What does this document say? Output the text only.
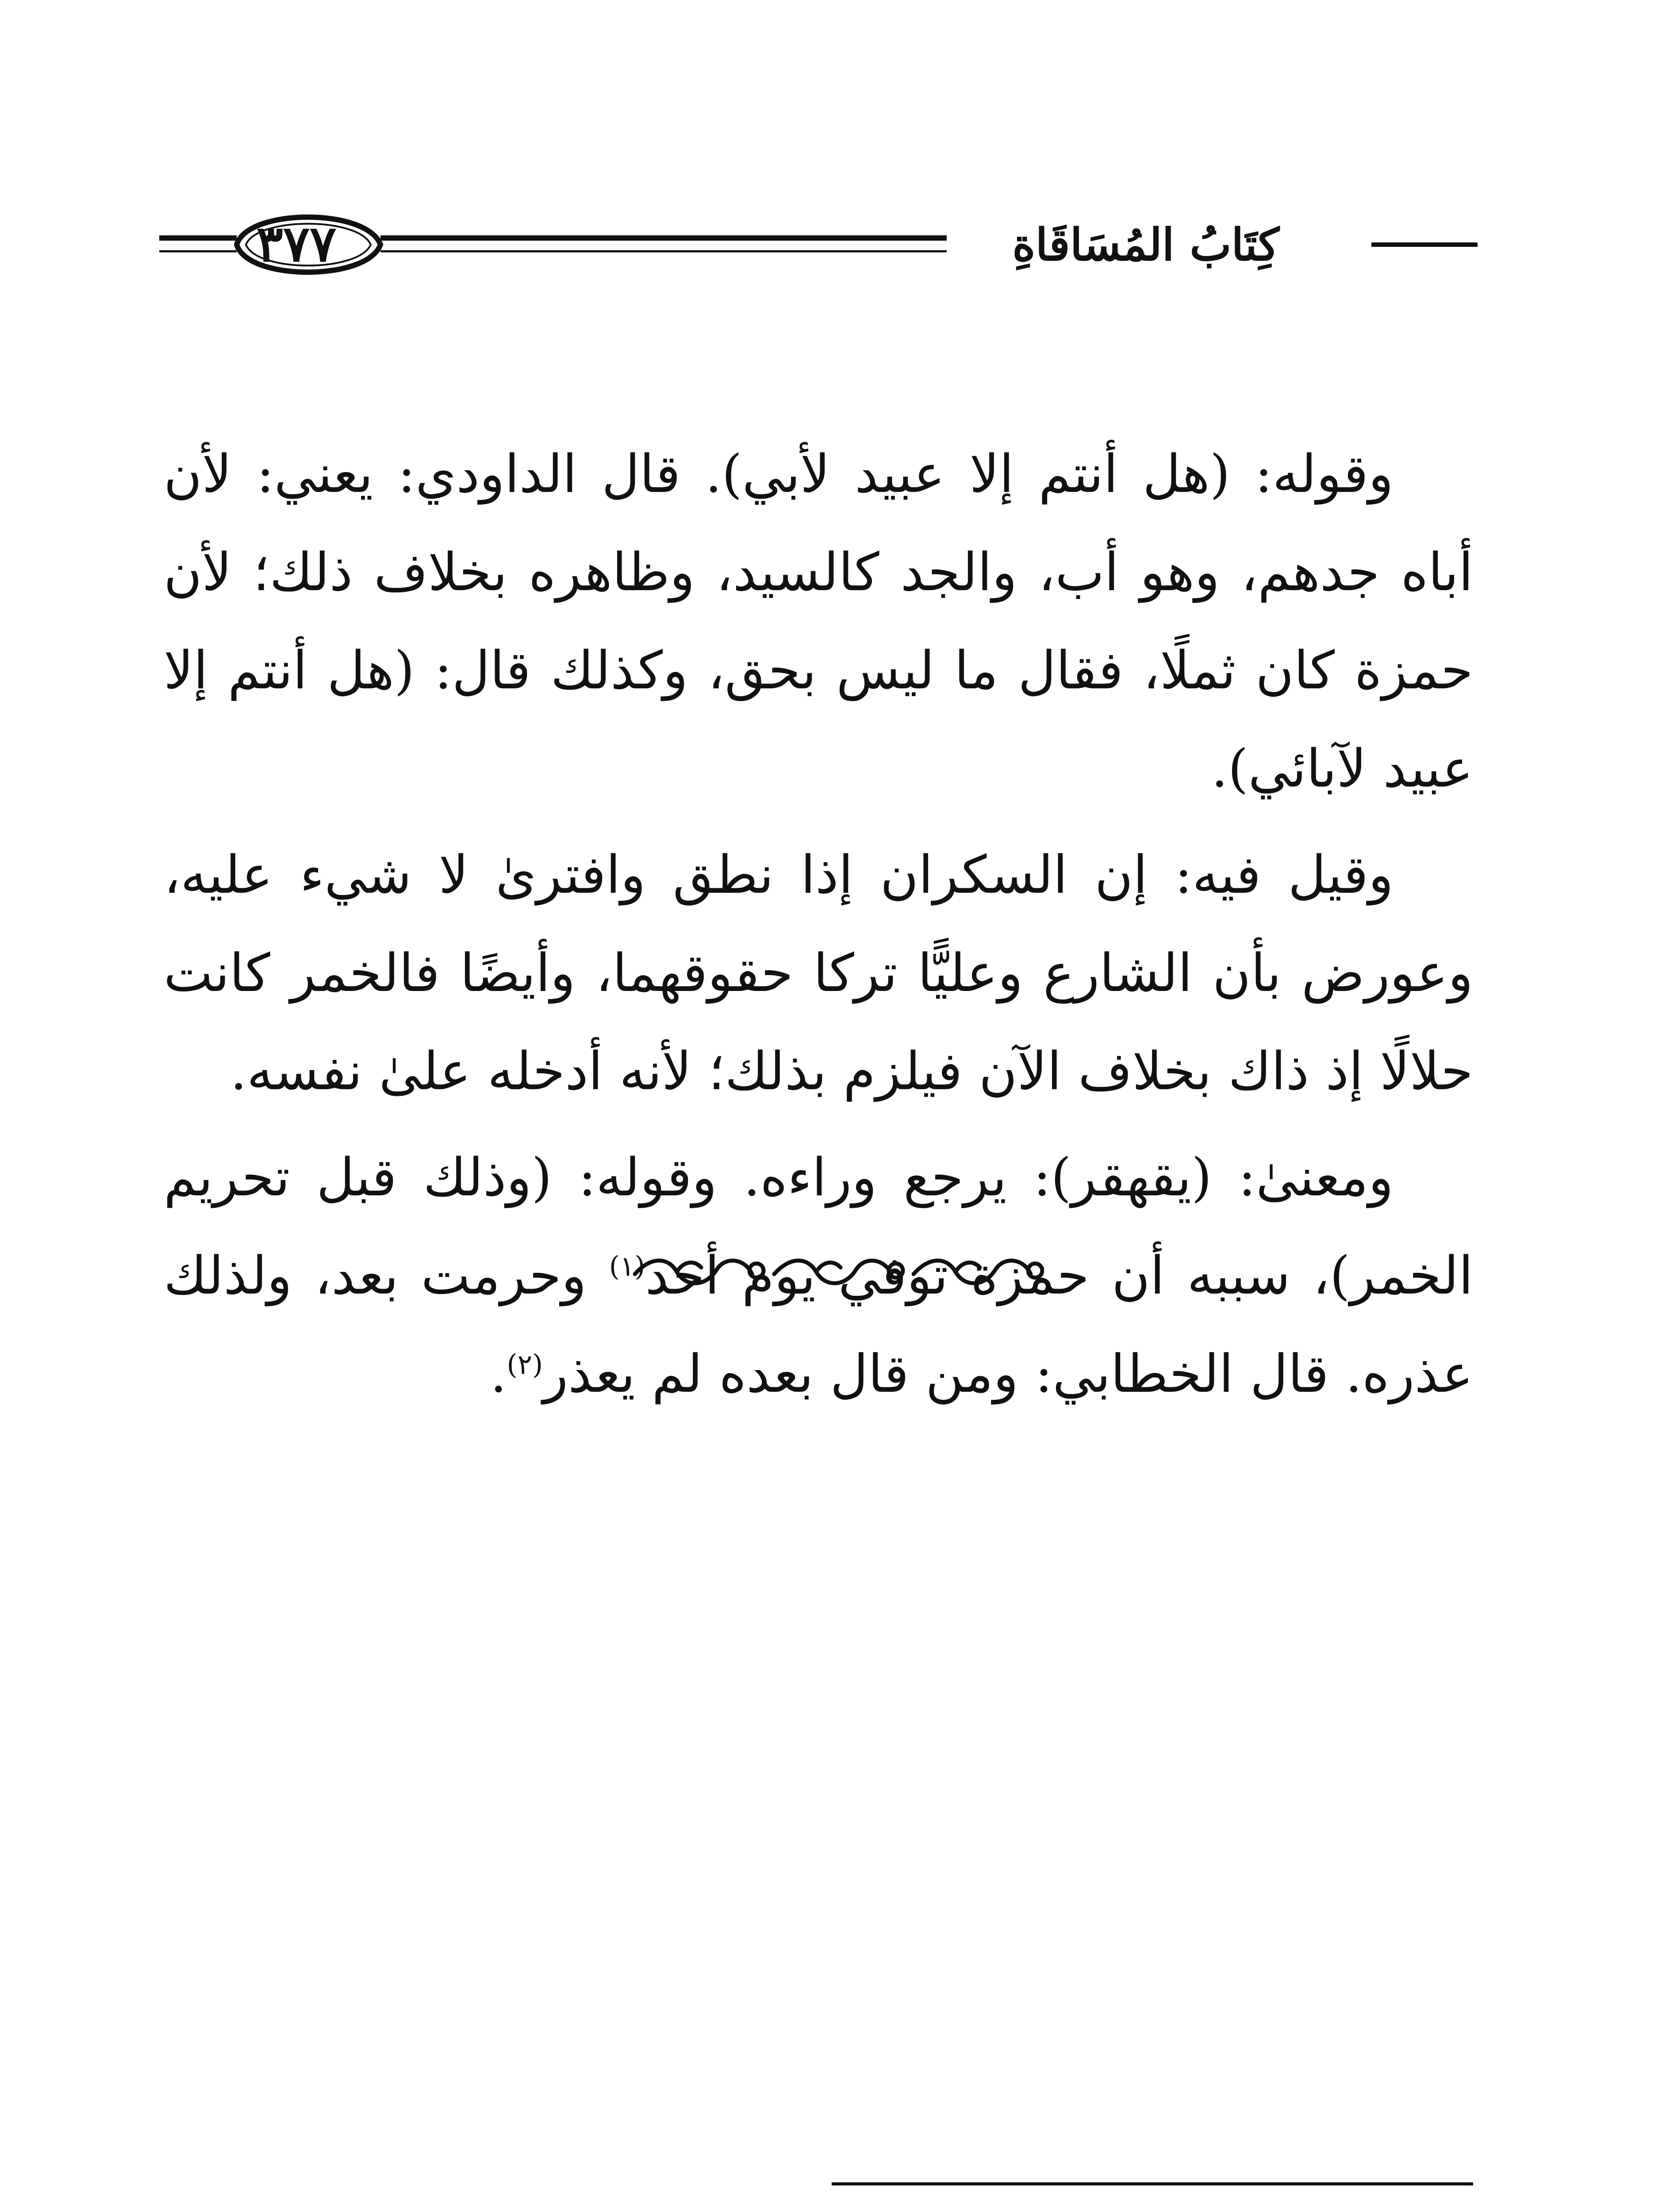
٣٧٧	كِتَابُ المُسَاقَاةِ

وقوله: (هل أنتم إلا عبيد لأبي). قال الداودي: يعني: لأن أباه جدهم، وهو أب، والجد كالسيد، وظاهره بخلاف ذلك؛ لأن حمزة كان ثملًا، فقال ما ليس بحق، وكذلك قال: (هل أنتم إلا عبيد لآبائي).

وقيل فيه: إن السكران إذا نطق وافترىٰ لا شيء عليه، وعورض بأن الشارع وعليًّا تركا حقوقهما، وأيضًا فالخمر كانت حلالًا إذ ذاك بخلاف الآن فيلزم بذلك؛ لأنه أدخله علىٰ نفسه.

ومعنىٰ: (يقهقر): يرجع وراءه. وقوله: (وذلك قبل تحريم الخمر)، سببه أن حمزة توفي يوم أحد$^{(١)}$ وحرمت بعد، ولذلك عذره. قال الخطابي: ومن قال بعده لم يعذر$^{(٢)}$.
